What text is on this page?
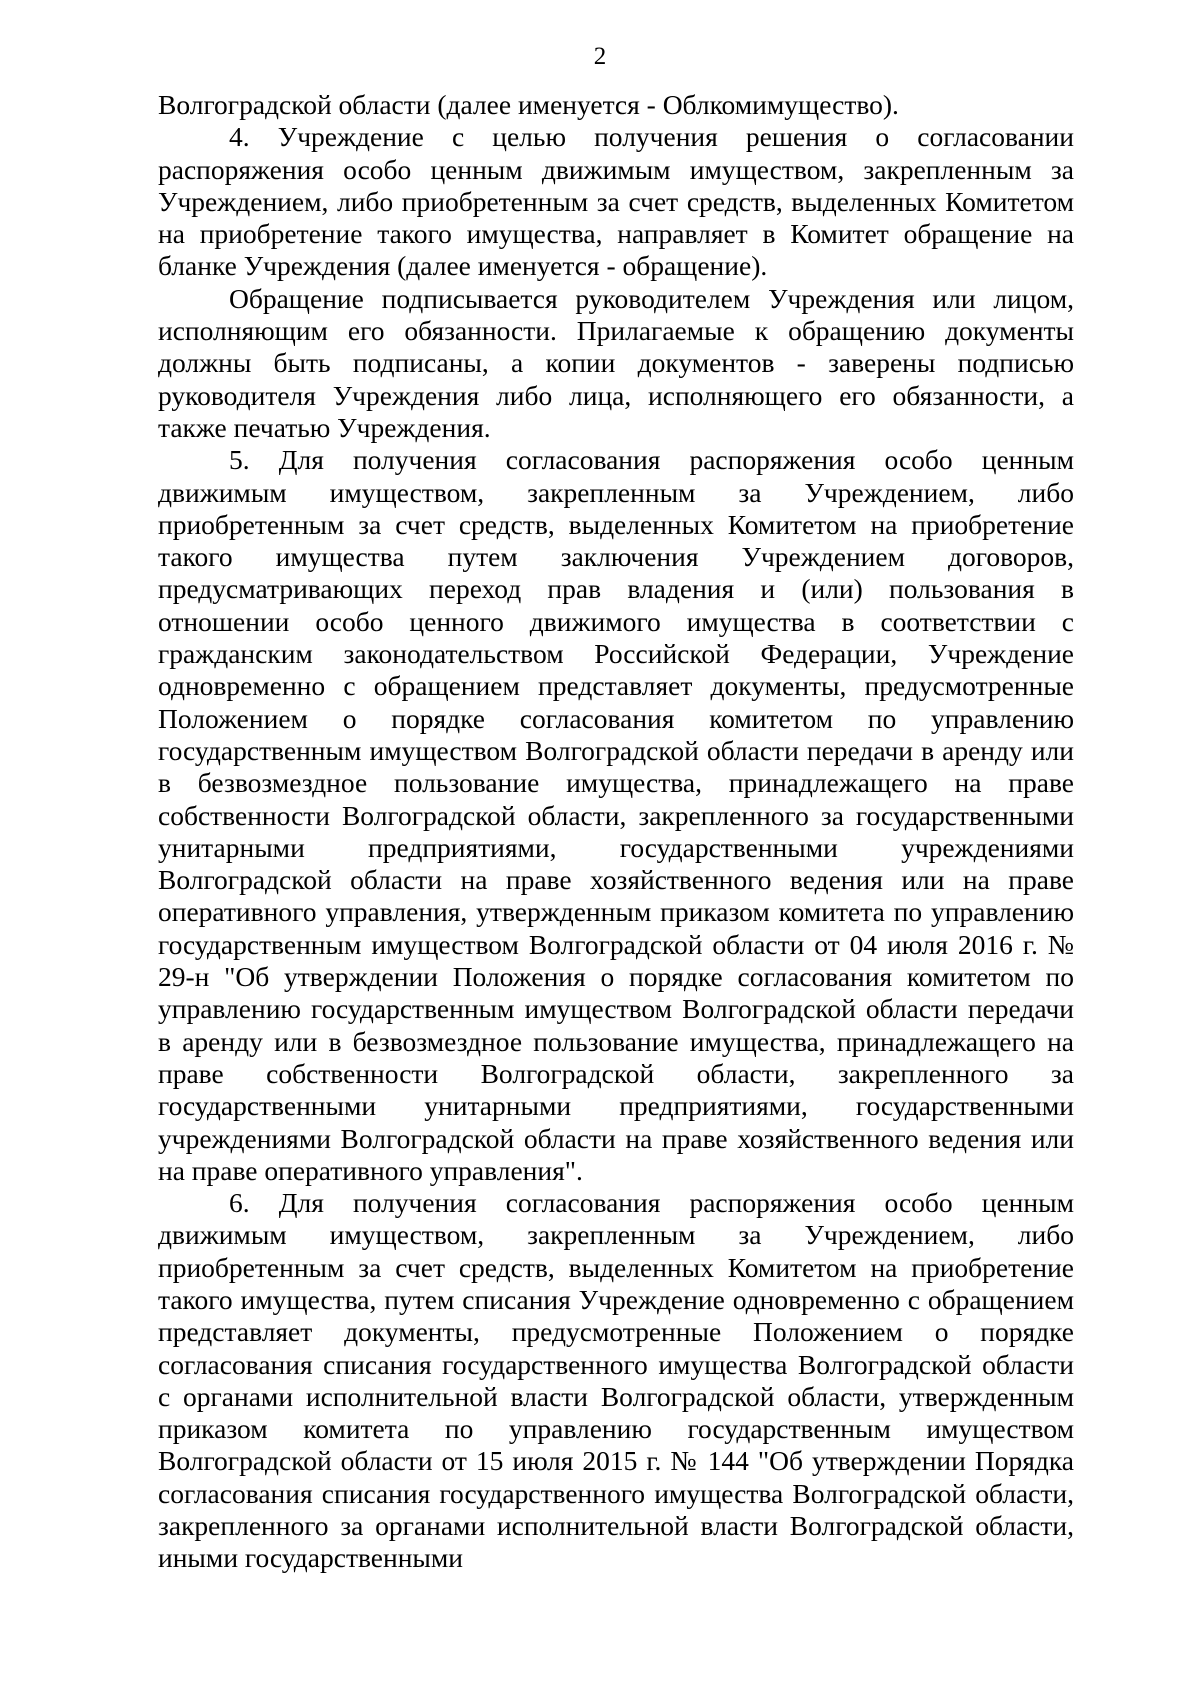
2

Волгоградской области (далее именуется - Облкомимущество).

4. Учреждение с целью получения решения о согласовании распоряжения особо ценным движимым имуществом, закрепленным за Учреждением, либо приобретенным за счет средств, выделенных Комитетом на приобретение такого имущества, направляет в Комитет обращение на бланке Учреждения (далее именуется - обращение).

Обращение подписывается руководителем Учреждения или лицом, исполняющим его обязанности. Прилагаемые к обращению документы должны быть подписаны, а копии документов - заверены подписью руководителя Учреждения либо лица, исполняющего его обязанности, а также печатью Учреждения.

5. Для получения согласования распоряжения особо ценным движимым имуществом, закрепленным за Учреждением, либо приобретенным за счет средств, выделенных Комитетом на приобретение такого имущества путем заключения Учреждением договоров, предусматривающих переход прав владения и (или) пользования в отношении особо ценного движимого имущества в соответствии с гражданским законодательством Российской Федерации, Учреждение одновременно с обращением представляет документы, предусмотренные Положением о порядке согласования комитетом по управлению государственным имуществом Волгоградской области передачи в аренду или в безвозмездное пользование имущества, принадлежащего на праве собственности Волгоградской области, закрепленного за государственными унитарными предприятиями, государственными учреждениями Волгоградской области на праве хозяйственного ведения или на праве оперативного управления, утвержденным приказом комитета по управлению государственным имуществом Волгоградской области от 04 июля 2016 г. № 29-н "Об утверждении Положения о порядке согласования комитетом по управлению государственным имуществом Волгоградской области передачи в аренду или в безвозмездное пользование имущества, принадлежащего на праве собственности Волгоградской области, закрепленного за государственными унитарными предприятиями, государственными учреждениями Волгоградской области на праве хозяйственного ведения или на праве оперативного управления".

6. Для получения согласования распоряжения особо ценным движимым имуществом, закрепленным за Учреждением, либо приобретенным за счет средств, выделенных Комитетом на приобретение такого имущества, путем списания Учреждение одновременно с обращением представляет документы, предусмотренные Положением о порядке согласования списания государственного имущества Волгоградской области с органами исполнительной власти Волгоградской области, утвержденным приказом комитета по управлению государственным имуществом Волгоградской области от 15 июля 2015 г. № 144 "Об утверждении Порядка согласования списания государственного имущества Волгоградской области, закрепленного за органами исполнительной власти Волгоградской области, иными государственными
